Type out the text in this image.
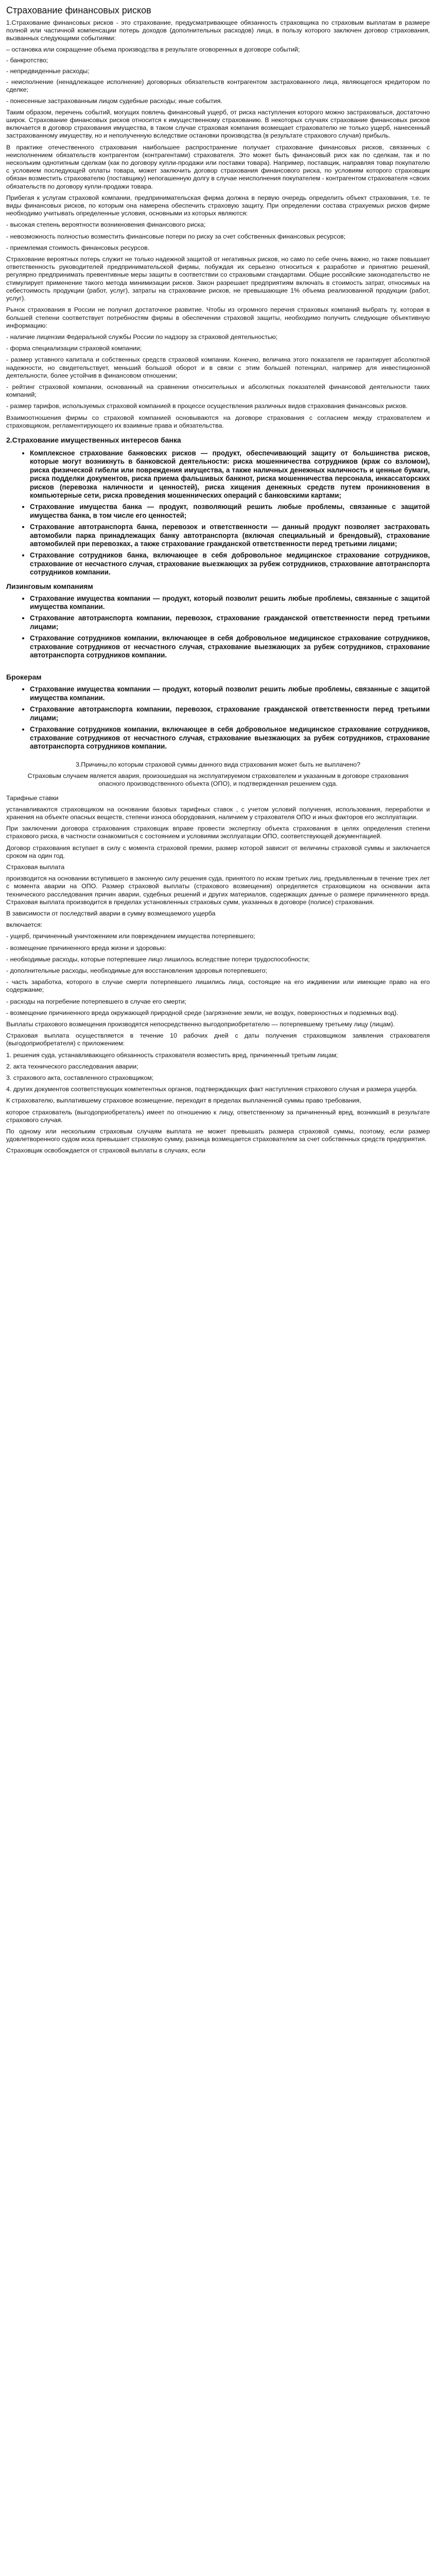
Страхование финансовых рисков
1.Страхование финансовых рисков - это страхование, предусматривающее обязанность страховщика по страховым выплатам в размере полной или частичной компенсации потерь доходов (дополнительных расходов) лица, в пользу которого заключен договор страхования, вызванных следующими событиями:
– остановка или сокращение объема производства в результате оговоренных в договоре событий;
- банкротство;
- непредвиденные расходы;
- неисполнение (ненадлежащее исполнение) договорных обязательств контрагентом застрахованного лица, являющегося кредитором по сделке;
- понесенные застрахованным лицом судебные расходы; иные события.

Таким образом, перечень событий, могущих повлечь финансовый ущерб, от риска наступления которого можно застраховаться, достаточно широк. Страхование финансовых рисков относится к имущественному страхованию. В некоторых случаях страхование финансовых рисков включается в договор страхования имущества, в таком случае страховая компания возмещает страхователю не только ущерб, нанесенный застрахованному имуществу, но и неполученную вследствие остановки производства (в результате страхового случая) прибыль.

В практике отечественного страхования наибольшее распространение получает страхование финансовых рисков, связанных с неисполнением обязательств контрагентом (контрагентами) страхователя. Это может быть финансовый риск как по сделкам, так и по нескольким однотипным сделкам (как по договору купли-продажи или поставки товара). Например, поставщик, направляя товар покупателю с условием последующей оплаты товара, может заключить договор страхования финансового риска, по условиям которого страховщик обязан возместить страхователю (поставщику) непогашенную долгу в случае неисполнения покупателем - контрагентом страхователя «своих обязательств по договору купли-продажи товара.

Прибегая к услугам страховой компании, предпринимательская фирма должна в первую очередь определить объект страхования, т.е. те виды финансовых рисков, по которым она намерена обеспечить страховую защиту. При определении состава страхуемых рисков фирме необходимо учитывать определенные условия, основными из которых являются:

- высокая степень вероятности возникновения финансового риска;

- невозможность полностью возместить финансовые потери по риску за счет собственных финансовых ресурсов;

- приемлемая стоимость финансовых ресурсов.

Страхование вероятных потерь служит не только надежной защитой от негативных рисков, но само по себе очень важно, но также повышает ответственность руководителей предпринимательской фирмы, побуждая их серьезно относиться к разработке и принятию решений, регулярно предпринимать превентивные меры защиты в соответствии со страховыми стандартами. Общие российские законодательство не стимулирует применение такого метода минимизации рисков. Закон разрешает предприятиям включать в стоимость затрат, относимых на себестоимость продукции (работ, услуг), затраты на страхование рисков, не превышающие 1% объема реализованной продукции (работ, услуг).

Рынок страхования в России не получил достаточное развитие. Чтобы из огромного перечня страховых компаний выбрать ту, которая в большей степени соответствует потребностям фирмы в обеспечении страховой защиты, необходимо получить следующие объективную информацию:

- наличие лицензии Федеральной службы России по надзору за страховой деятельностью;

- форма специализации страховой компании;

- размер уставного капитала и собственных средств страховой компании. Конечно, величина этого показателя не гарантирует абсолютной надежности, но свидетельствует, меньший большой оборот и в связи с этим большей потенциал, например для инвестиционной деятельности, более устойчив в финансовом отношении;

- рейтинг страховой компании, основанный на сравнении относительных и абсолютных показателей финансовой деятельности таких компаний;

- размер тарифов, используемых страховой компанией в процессе осуществления различных видов страхования финансовых рисков.

Взаимоотношения фирмы со страховой компанией основываются на договоре страхования с согласием между страхователем и страховщиком, регламентирующего их взаимные права и обязательства.

2.Страхование имущественных интересов банка
• Комплексное страхование банковских рисков — продукт, обеспечивающий защиту от большинства рисков, которые могут возникнуть в банковской деятельности: риска мошенничества сотрудников (краж со взломом), риска физической гибели или повреждения имущества, а также наличных денежных наличность и ценные бумаги, риска подделки документов, риска приема фальшивых банкнот, риска мошенничества персонала, инкассаторских рисков (перевозка наличности и ценностей), риска хищения денежных средств путем проникновения в компьютерные сети, риска проведения мошеннических операций с банковскими картами;
• Страхование имущества банка — продукт, позволяющий решить любые проблемы, связанные с защитой имущества банка, в том числе его ценностей;
• Страхование автотранспорта банка, перевозок и ответственности — данный продукт позволяет застраховать автомобили парка принадлежащих банку автотранспорта (включая специальный и брендовый), страхование автомобилей при перевозках, а также страхование гражданской ответственности перед третьими лицами;
• Страхование сотрудников банка, включающее в себя добровольное медицинское страхование сотрудников, страхование от несчастного случая, страхование выезжающих за рубеж сотрудников, страхование автотранспорта сотрудников компании.
Лизинговым компаниям
• Страхование имущества компании — продукт, который позволит решить любые проблемы, связанные с защитой имущества компании.
• Страхование автотранспорта компании, перевозок, страхование гражданской ответственности перед третьими лицами;
• Страхование сотрудников компании, включающее в себя добровольное медицинское страхование сотрудников, страхование сотрудников от несчастного случая, страхование выезжающих за рубеж сотрудников, страхование автотранспорта сотрудников компании.
Брокерам
• Страхование имущества компании — продукт, который позволит решить любые проблемы, связанные с защитой имущества компании.
• Страхование автотранспорта компании, перевозок, страхование гражданской ответственности перед третьими лицами;
• Страхование сотрудников компании, включающее в себя добровольное медицинское страхование сотрудников, страхование сотрудников от несчастного случая, страхование выезжающих за рубеж сотрудников, страхование автотранспорта сотрудников компании.
3.Причины,по которым страховой суммы данного вида страхования может быть не выплачено?
Страховым случаем является авария, произошедшая на эксплуатируемом страхователем и указанным в договоре страхования опасного производственного объекта (ОПО), и подтвержденная решением суда.

Тарифные ставки

устанавливаются страховщиком на основании базовых тарифных ставок , с учетом условий получения, использования, переработки и хранения на объекте опасных веществ, степени износа оборудования, наличием у страхователя ОПО и иных факторов его эксплуатации.

При заключении договора страхования страховщик вправе провести экспертизу объекта страхования в целях определения степени страхового риска, в частности ознакомиться с состоянием и условиями эксплуатации ОПО, соответствующей документацией.

Договор страхования вступает в силу с момента страховой премии, размер которой зависит от величины страховой суммы и заключается сроком на один год.

Страховая выплата

производится на основании вступившего в законную силу решения суда, принятого по искам третьих лиц, предъявленным в течение трех лет с момента аварии на ОПО. Размер страховой выплаты (страхового возмещения) определяется страховщиком на основании акта технического расследования причин аварии, судебных решений и других материалов, содержащих данные о размере причиненного вреда. Страховая выплата производится в пределах установленных страховых сумм, указанных в договоре (полисе) страхования.

В зависимости от последствий аварии в сумму возмещаемого ущерба

включается:

- ущерб, причиненный уничтожением или повреждением имущества потерпевшего;

- возмещение причиненного вреда жизни и здоровью:

- необходимые расходы, которые потерпевшее лицо лишилось вследствие потери трудоспособности;

- дополнительные расходы, необходимые для восстановления здоровья потерпевшего;

- часть заработка, которого в случае смерти потерпевшего лишились лица, состоящие на его иждивении или имеющие право на его содержание;

- расходы на погребение потерпевшего в случае его смерти;

- возмещение причиненного вреда окружающей природной среде (загрязнение земли, не воздух, поверхностных и подземных вод).

Выплаты страхового возмещения производятся непосредственно выгодоприобретателю — потерпевшему третьему лицу (лицам).

Страховая выплата осуществляется в течение 10 рабочих дней с даты получения страховщиком заявления страхователя (выгодоприобретателя) с приложением:

1. решения суда, устанавливающего обязанность страхователя возместить вред, причиненный третьим лицам;

2. акта технического расследования аварии;

3. страхового акта, составленного страховщиком;

4. других документов соответствующих компетентных органов, подтверждающих факт наступления страхового случая и размера ущерба.

К страхователю, выплатившему страховое возмещение, переходит в пределах выплаченной суммы право требования,

которое страхователь (выгодоприобретатель) имеет по отношению к лицу, ответственному за причиненный вред, возникший в результате страхового случая.

По одному или нескольким страховым случаям выплата не может превышать размера страховой суммы, поэтому, если размер удовлетворенного судом иска превышает страховую сумму, разница возмещается страхователем за счет собственных средств предприятия.

Страховщик освобождается от страховой выплаты в случаях, если
